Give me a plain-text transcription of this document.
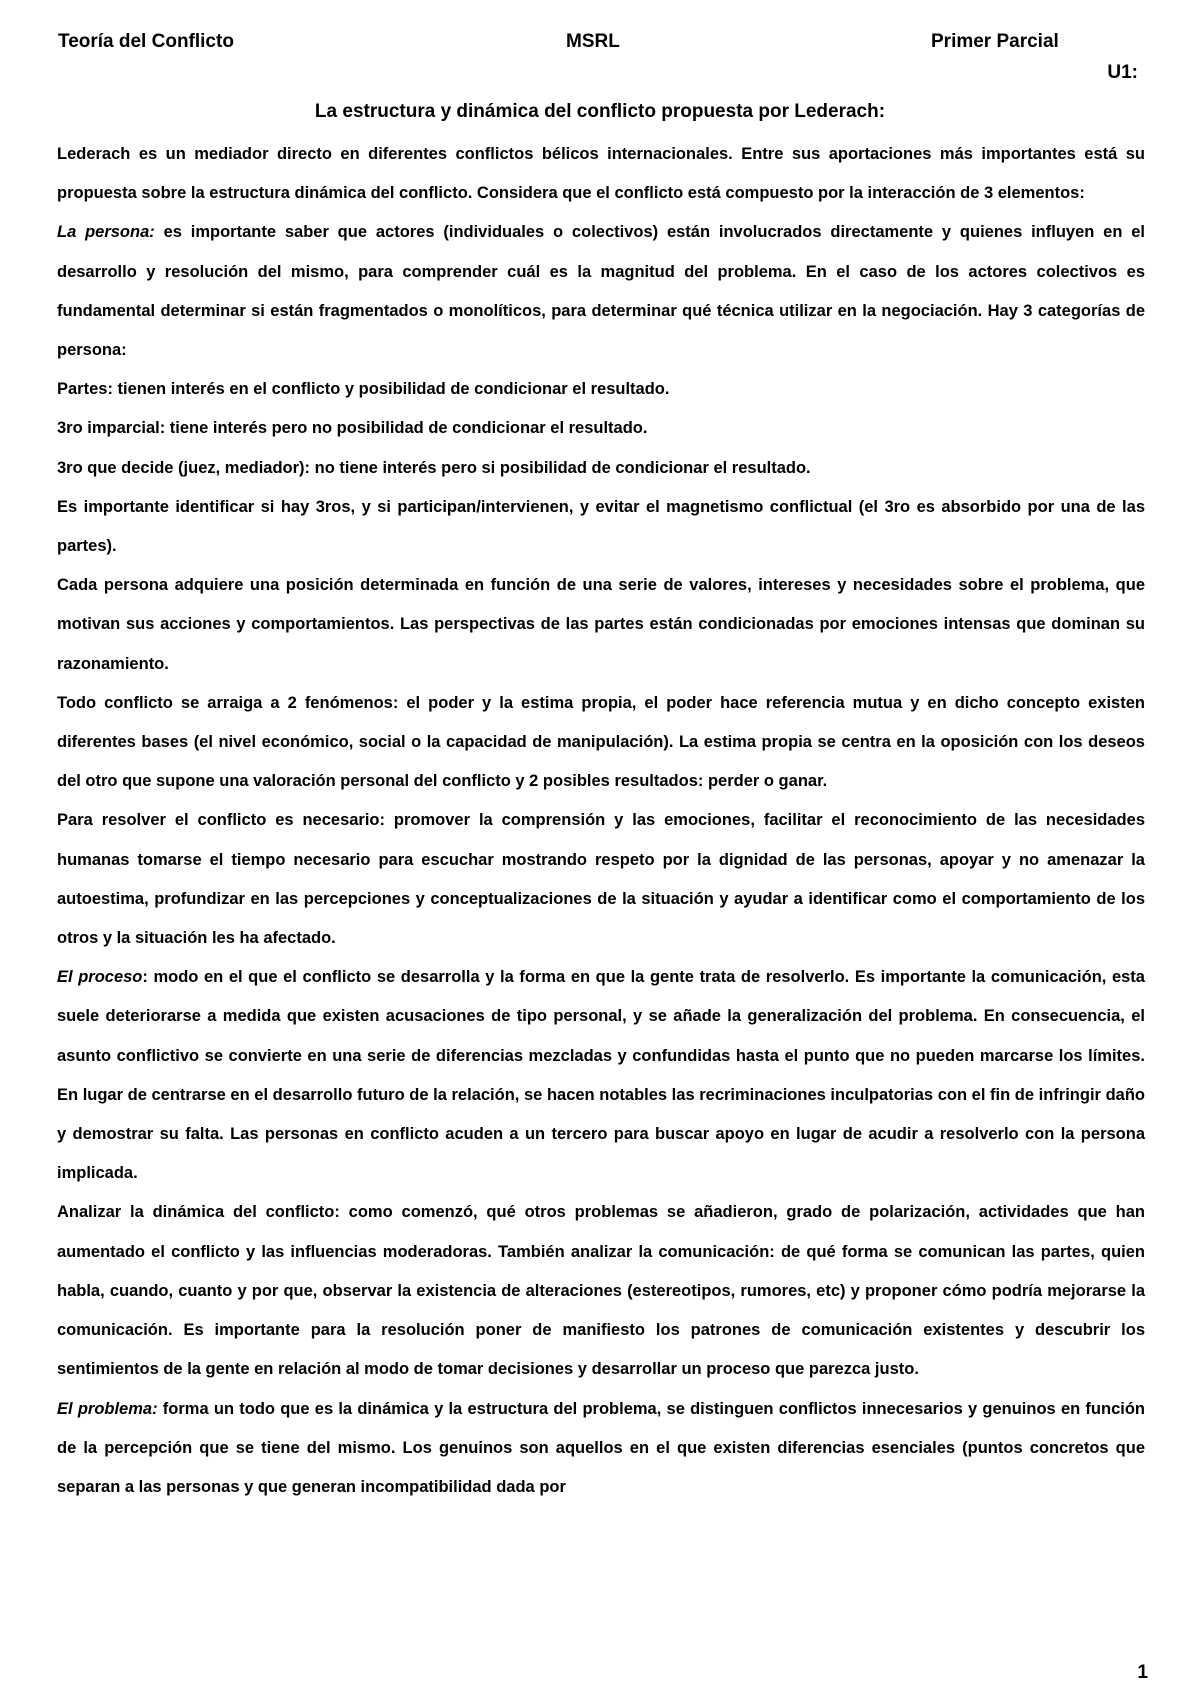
Teoría del Conflicto	MSRL	Primer Parcial
U1:
La estructura y dinámica del conflicto propuesta por Lederach:

Lederach es un mediador directo en diferentes conflictos bélicos internacionales. Entre sus aportaciones más importantes está su propuesta sobre la estructura dinámica del conflicto. Considera que el conflicto está compuesto por la interacción de 3 elementos:

La persona: es importante saber que actores (individuales o colectivos) están involucrados directamente y quienes influyen en el desarrollo y resolución del mismo, para comprender cuál es la magnitud del problema. En el caso de los actores colectivos es fundamental determinar si están fragmentados o monolíticos, para determinar qué técnica utilizar en la negociación. Hay 3 categorías de persona:

Partes: tienen interés en el conflicto y posibilidad de condicionar el resultado.

3ro imparcial: tiene interés pero no posibilidad de condicionar el resultado.

3ro que decide (juez, mediador): no tiene interés pero si posibilidad de condicionar el resultado.

Es importante identificar si hay 3ros, y si participan/intervienen, y evitar el magnetismo conflictual (el 3ro es absorbido por una de las partes).

Cada persona adquiere una posición determinada en función de una serie de valores, intereses y necesidades sobre el problema, que motivan sus acciones y comportamientos. Las perspectivas de las partes están condicionadas por emociones intensas que dominan su razonamiento.

Todo conflicto se arraiga a 2 fenómenos: el poder y la estima propia, el poder hace referencia mutua y en dicho concepto existen diferentes bases (el nivel económico, social o la capacidad de manipulación). La estima propia se centra en la oposición con los deseos del otro que supone una valoración personal del conflicto y 2 posibles resultados: perder o ganar.

Para resolver el conflicto es necesario: promover la comprensión y las emociones, facilitar el reconocimiento de las necesidades humanas tomarse el tiempo necesario para escuchar mostrando respeto por la dignidad de las personas, apoyar y no amenazar la autoestima, profundizar en las percepciones y conceptualizaciones de la situación y ayudar a identificar como el comportamiento de los otros y la situación les ha afectado.

El proceso: modo en el que el conflicto se desarrolla y la forma en que la gente trata de resolverlo. Es importante la comunicación, esta suele deteriorarse a medida que existen acusaciones de tipo personal, y se añade la generalización del problema. En consecuencia, el asunto conflictivo se convierte en una serie de diferencias mezcladas y confundidas hasta el punto que no pueden marcarse los límites. En lugar de centrarse en el desarrollo futuro de la relación, se hacen notables las recriminaciones inculpatorias con el fin de infringir daño y demostrar su falta. Las personas en conflicto acuden a un tercero para buscar apoyo en lugar de acudir a resolverlo con la persona implicada.

Analizar la dinámica del conflicto: como comenzó, qué otros problemas se añadieron, grado de polarización, actividades que han aumentado el conflicto y las influencias moderadoras. También analizar la comunicación: de qué forma se comunican las partes, quien habla, cuando, cuanto y por que, observar la existencia de alteraciones (estereotipos, rumores, etc) y proponer cómo podría mejorarse la comunicación. Es importante para la resolución poner de manifiesto los patrones de comunicación existentes y descubrir los sentimientos de la gente en relación al modo de tomar decisiones y desarrollar un proceso que parezca justo.

El problema: forma un todo que es la dinámica y la estructura del problema, se distinguen conflictos innecesarios y genuinos en función de la percepción que se tiene del mismo. Los genuinos son aquellos en el que existen diferencias esenciales (puntos concretos que separan a las personas y que generan incompatibilidad dada por

1
